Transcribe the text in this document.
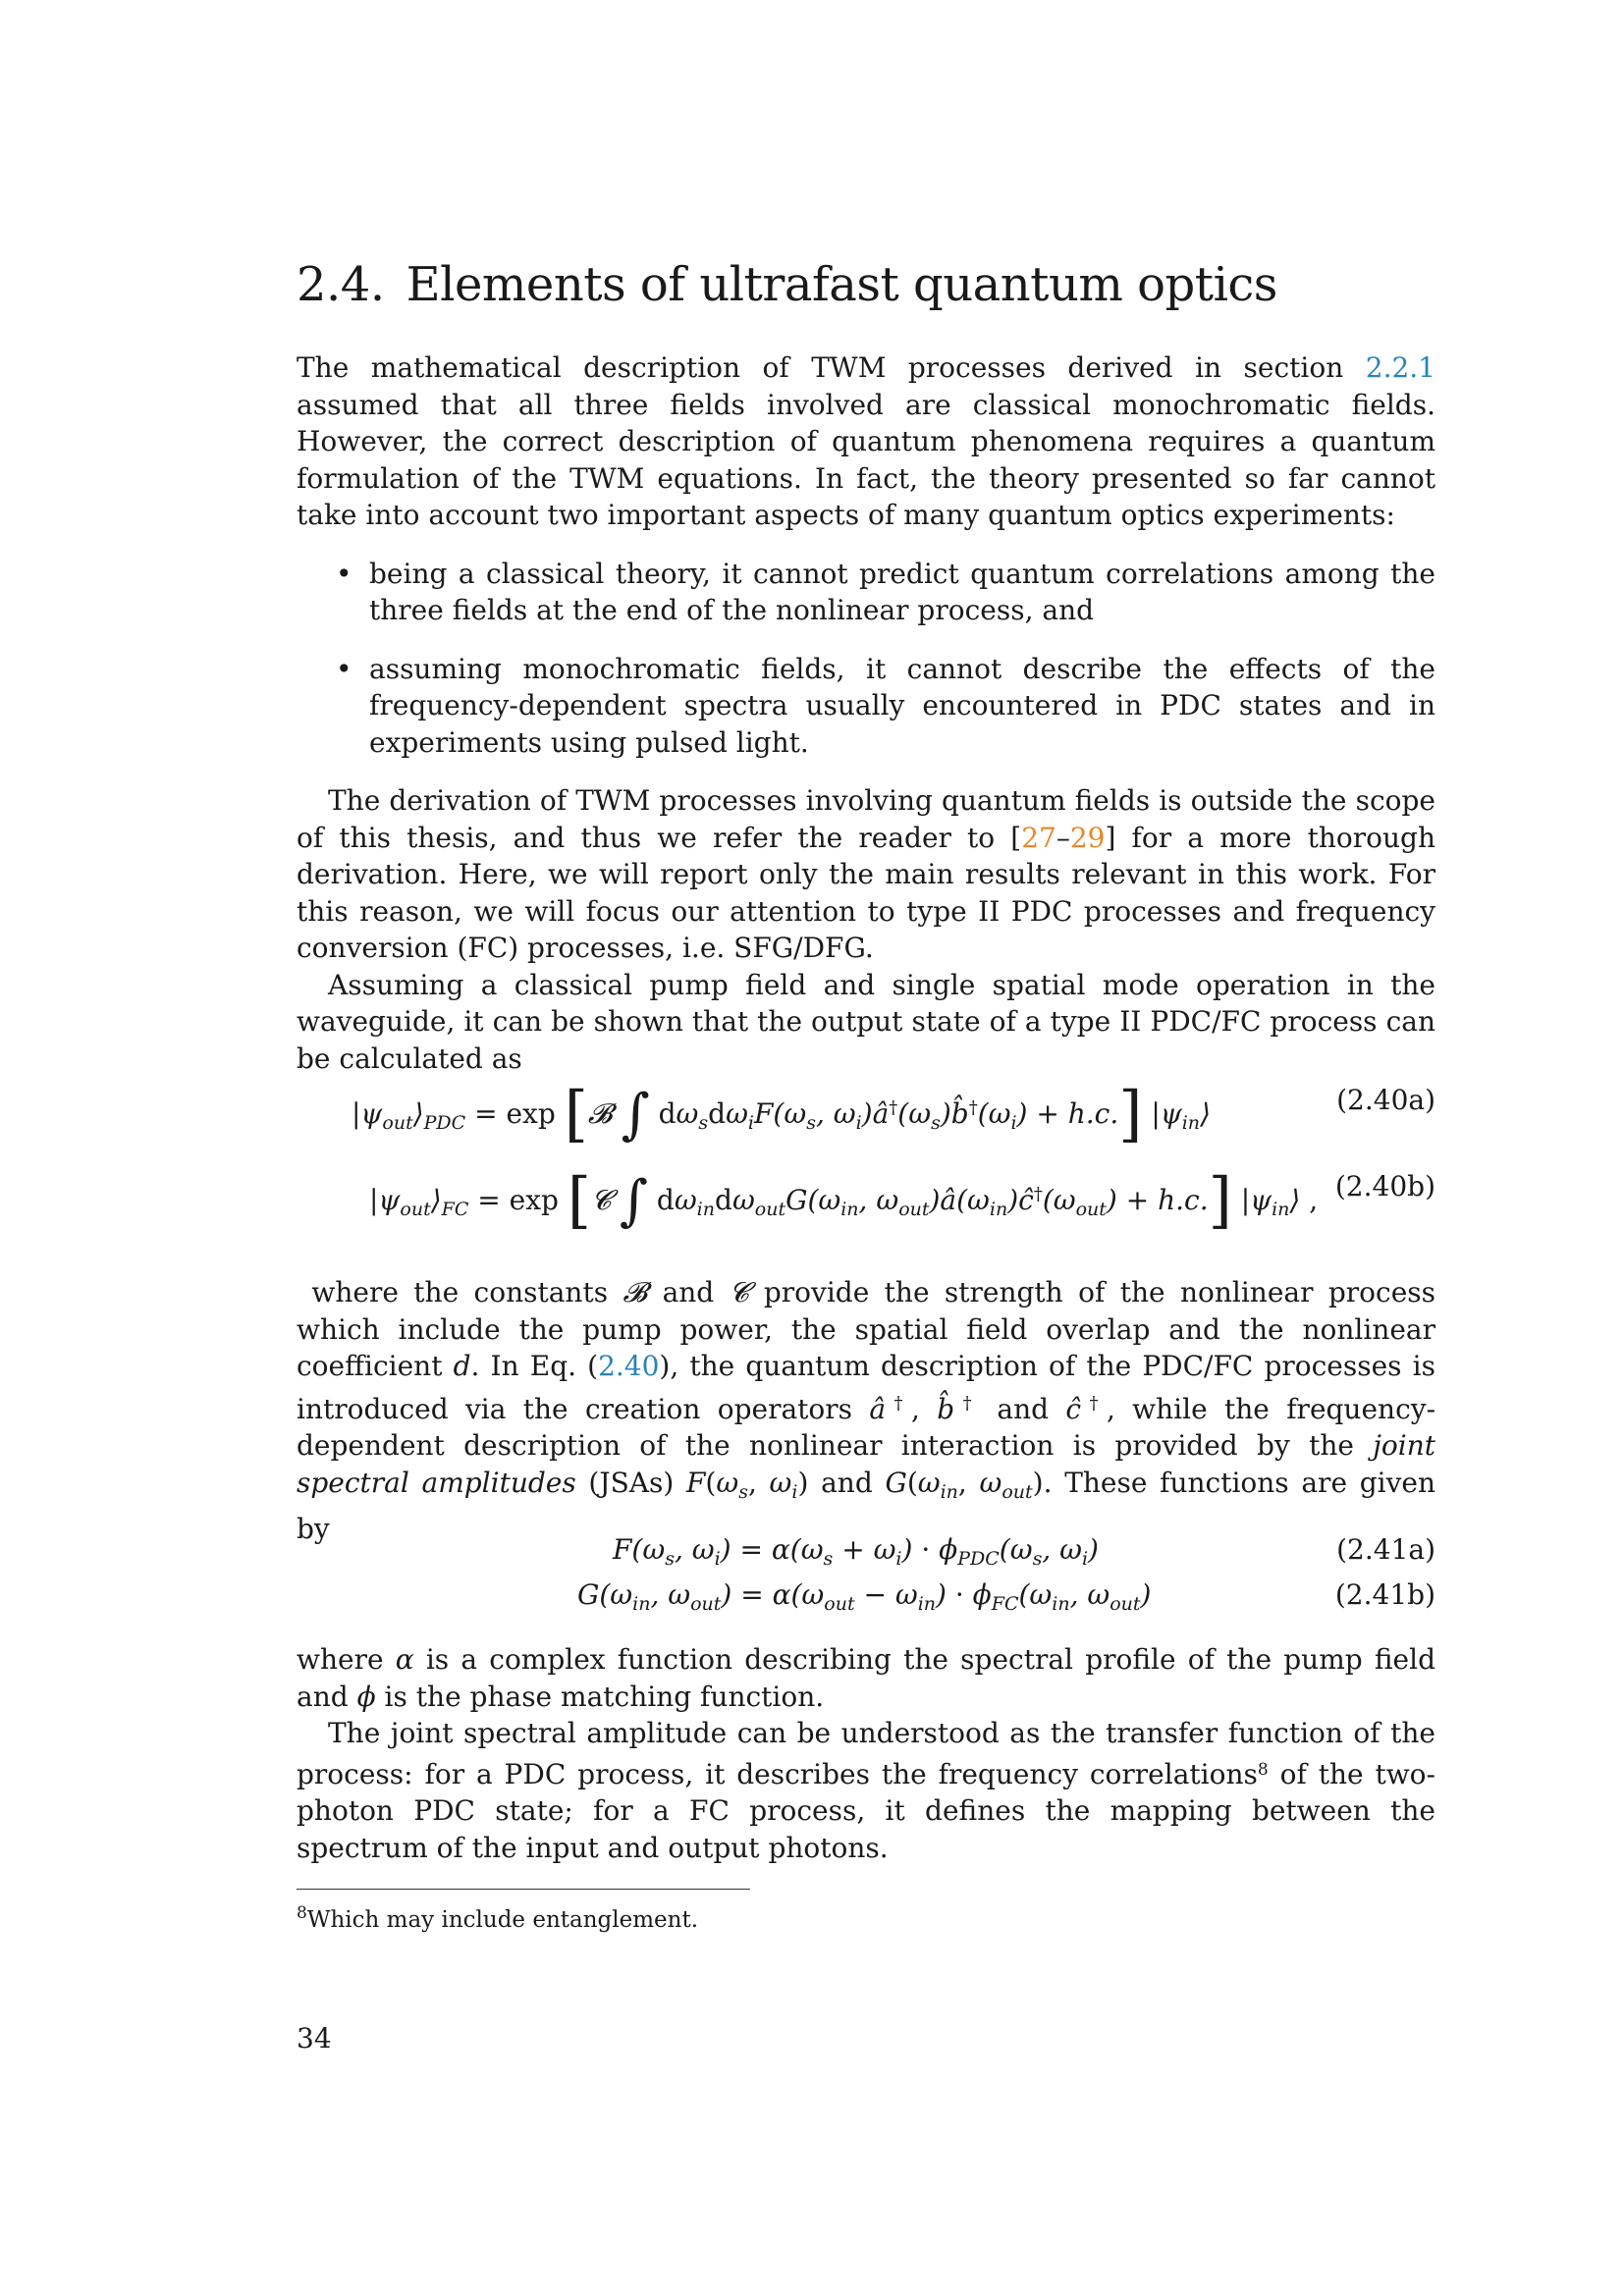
2.4. Elements of ultrafast quantum optics

The mathematical description of TWM processes derived in section 2.2.1 assumed that all three fields involved are classical monochromatic fields. However, the correct description of quantum phenomena requires a quantum formulation of the TWM equations. In fact, the theory presented so far cannot take into account two important aspects of many quantum optics experiments:

• being a classical theory, it cannot predict quantum correlations among the three fields at the end of the nonlinear process, and
• assuming monochromatic fields, it cannot describe the effects of the frequency-dependent spectra usually encountered in PDC states and in experiments using pulsed light.

The derivation of TWM processes involving quantum fields is outside the scope of this thesis, and thus we refer the reader to [27–29] for a more thorough derivation. Here, we will report only the main results relevant in this work. For this reason, we will focus our attention to type II PDC processes and frequency conversion (FC) processes, i.e. SFG/DFG.

Assuming a classical pump field and single spatial mode operation in the waveguide, it can be shown that the output state of a type II PDC/FC process can be calculated as

$|\psi_{out}⟩_{PDC} = \exp$ [𝓑 ∫ $d\omega_sd\omega_iF(\omega_s$, $\omega_i)â^\dagger(\omega_s)b̂^\dagger(\omega_i) + h.c$.] $|\psi_{in}⟩$	(2.40a)
$|\psi_{out}⟩_{FC} = \exp$ [𝓒 ∫ $d\omega_{in}d\omega_{out}G(\omega_{in}$, $\omega_{out})â(\omega_{in})ĉ^\dagger(\omega_{out}) + h.c$.] $|\psi_{in}⟩$ , (2.40b)

where the constants 𝓑 and 𝓒 provide the strength of the nonlinear process which include the pump power, the spatial field overlap and the nonlinear coefficient d. In Eq. (2.40), the quantum description of the PDC/FC processes is introduced via the creation operators â†, b̂† and ĉ†, while the frequency-dependent description of the nonlinear interaction is provided by the joint spectral amplitudes (JSAs) $F(\omega_s$, $\omega_i$) and $G(\omega_{in}$, $\omega_{out}$). These functions are given by

$F(\omega_s$, $\omega_i) = \alpha(\omega_s + \omega_i) \cdot \phi_{PDC}(\omega_s$, $\omega_i$)	(2.41a)
$G(\omega_{in}$, $\omega_{out}) = \alpha(\omega_{out} - \omega_{in}) \cdot \phi_{FC}(\omega_{in}$, $\omega_{out}$)	(2.41b)

where α is a complex function describing the spectral profile of the pump field and ϕ is the phase matching function.

The joint spectral amplitude can be understood as the transfer function of the process: for a PDC process, it describes the frequency correlations$^8$ of the two-photon PDC state; for a FC process, it defines the mapping between the spectrum of the input and output photons.

$^8$Which may include entanglement.
34
